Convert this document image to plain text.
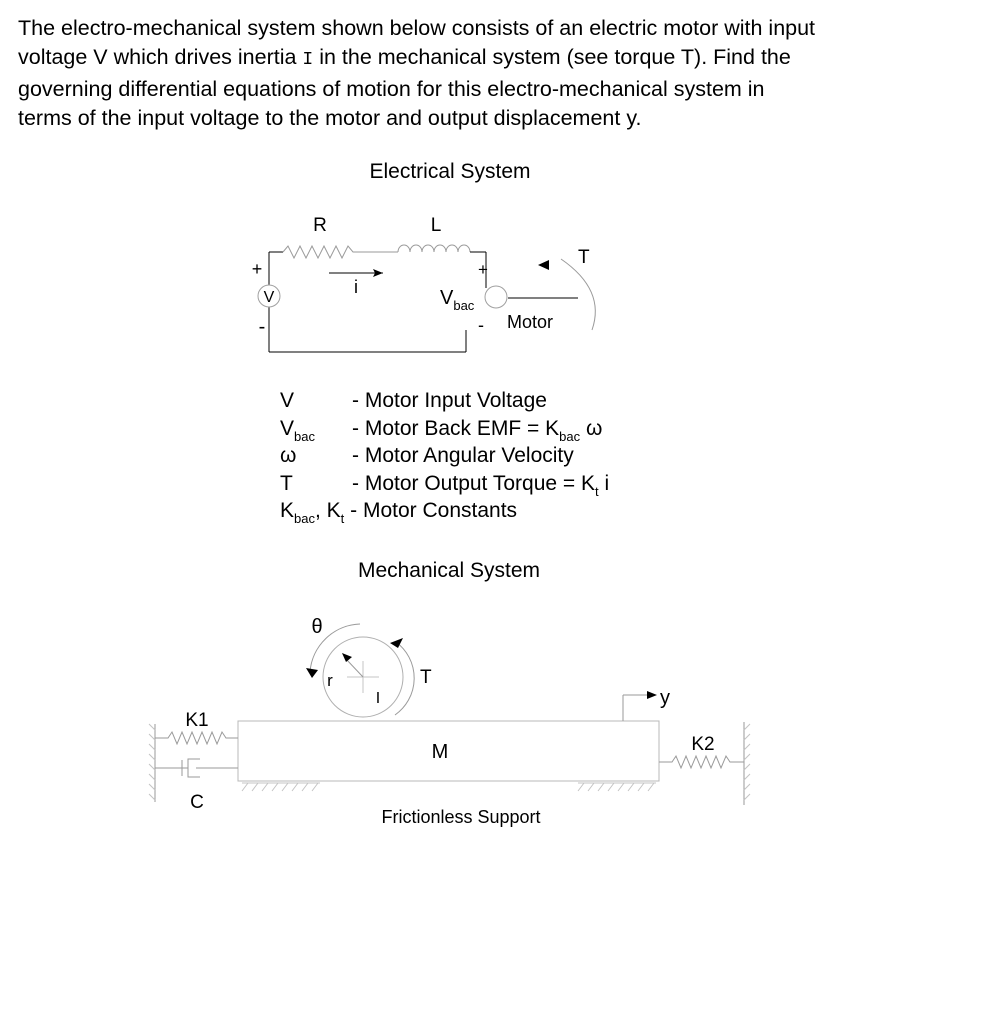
The electro-mechanical system shown below consists of an electric motor with input

voltage V which drives inertia I in the mechanical system (see torque T). Find the

governing differential equations of motion for this electro-mechanical system in

terms of the input voltage to the motor and output displacement y.

Electrical System
V
+
-
R	L
i
+
-
$V_{bac}$
Motor
T
V	- Motor Input Voltage
$V_{bac}$ - Motor Back EMF = $K_{bac}$ ω
ω	- Motor Angular Velocity
T	- Motor Output Torque = $K_t$ i
$K_{bac}$, $K_t$ - Motor Constants
Mechanical System
θ
r
I
T
M
y
K1
C
K2
Frictionless Support
